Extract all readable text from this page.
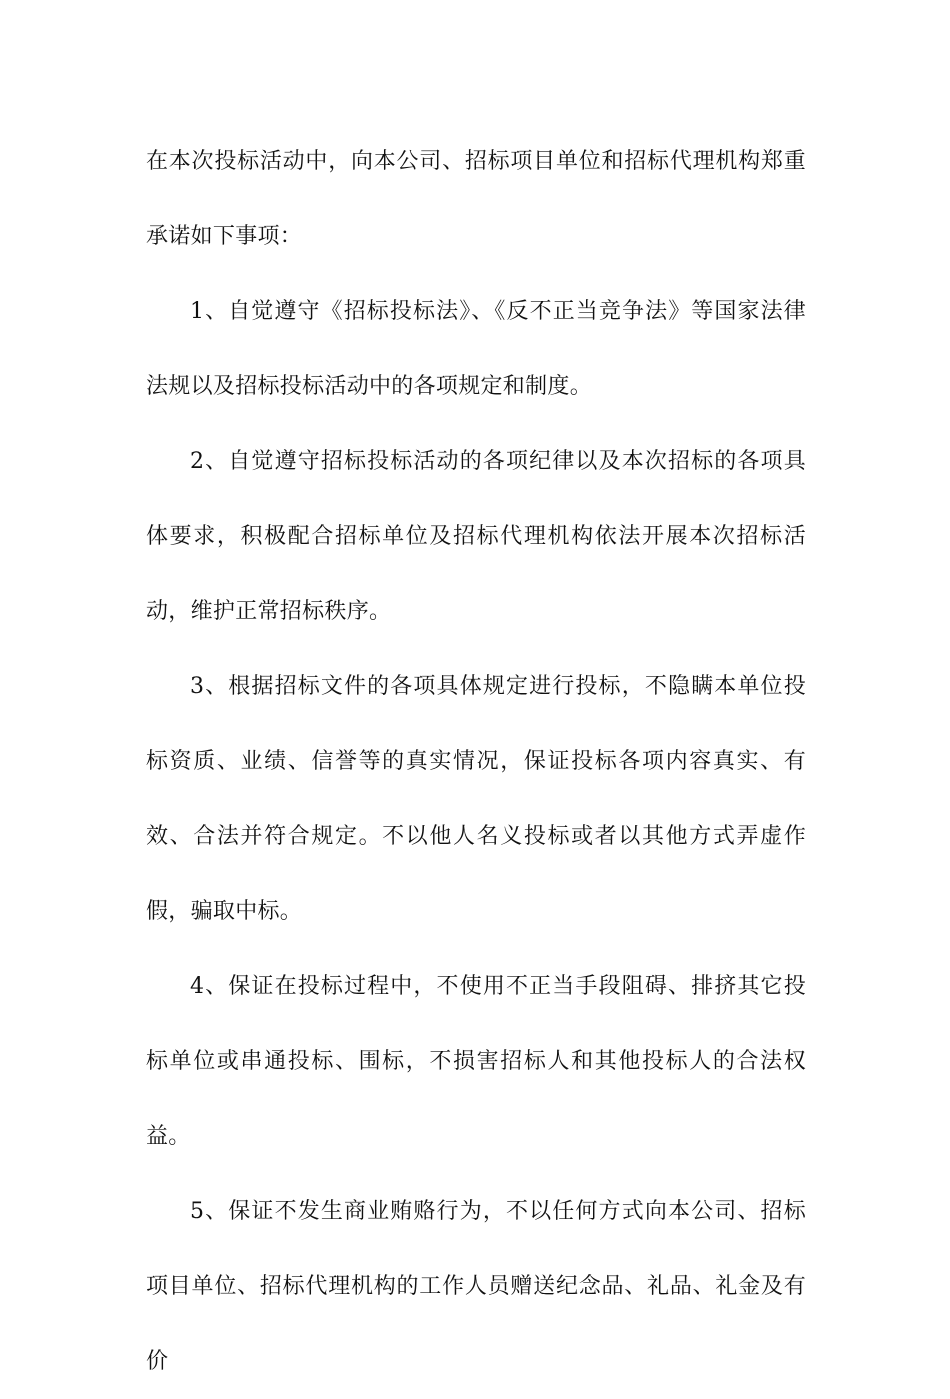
在本次投标活动中，向本公司、招标项目单位和招标代理机构郑重承诺如下事项：

1、自觉遵守《招标投标法》、《反不正当竞争法》等国家法律法规以及招标投标活动中的各项规定和制度。

2、自觉遵守招标投标活动的各项纪律以及本次招标的各项具体要求，积极配合招标单位及招标代理机构依法开展本次招标活动，维护正常招标秩序。

3、根据招标文件的各项具体规定进行投标，不隐瞒本单位投标资质、业绩、信誉等的真实情况，保证投标各项内容真实、有效、合法并符合规定。不以他人名义投标或者以其他方式弄虚作假，骗取中标。

4、保证在投标过程中，不使用不正当手段阻碍、排挤其它投标单位或串通投标、围标，不损害招标人和其他投标人的合法权益。

5、保证不发生商业贿赂行为，不以任何方式向本公司、招标项目单位、招标代理机构的工作人员赠送纪念品、礼品、礼金及有价
